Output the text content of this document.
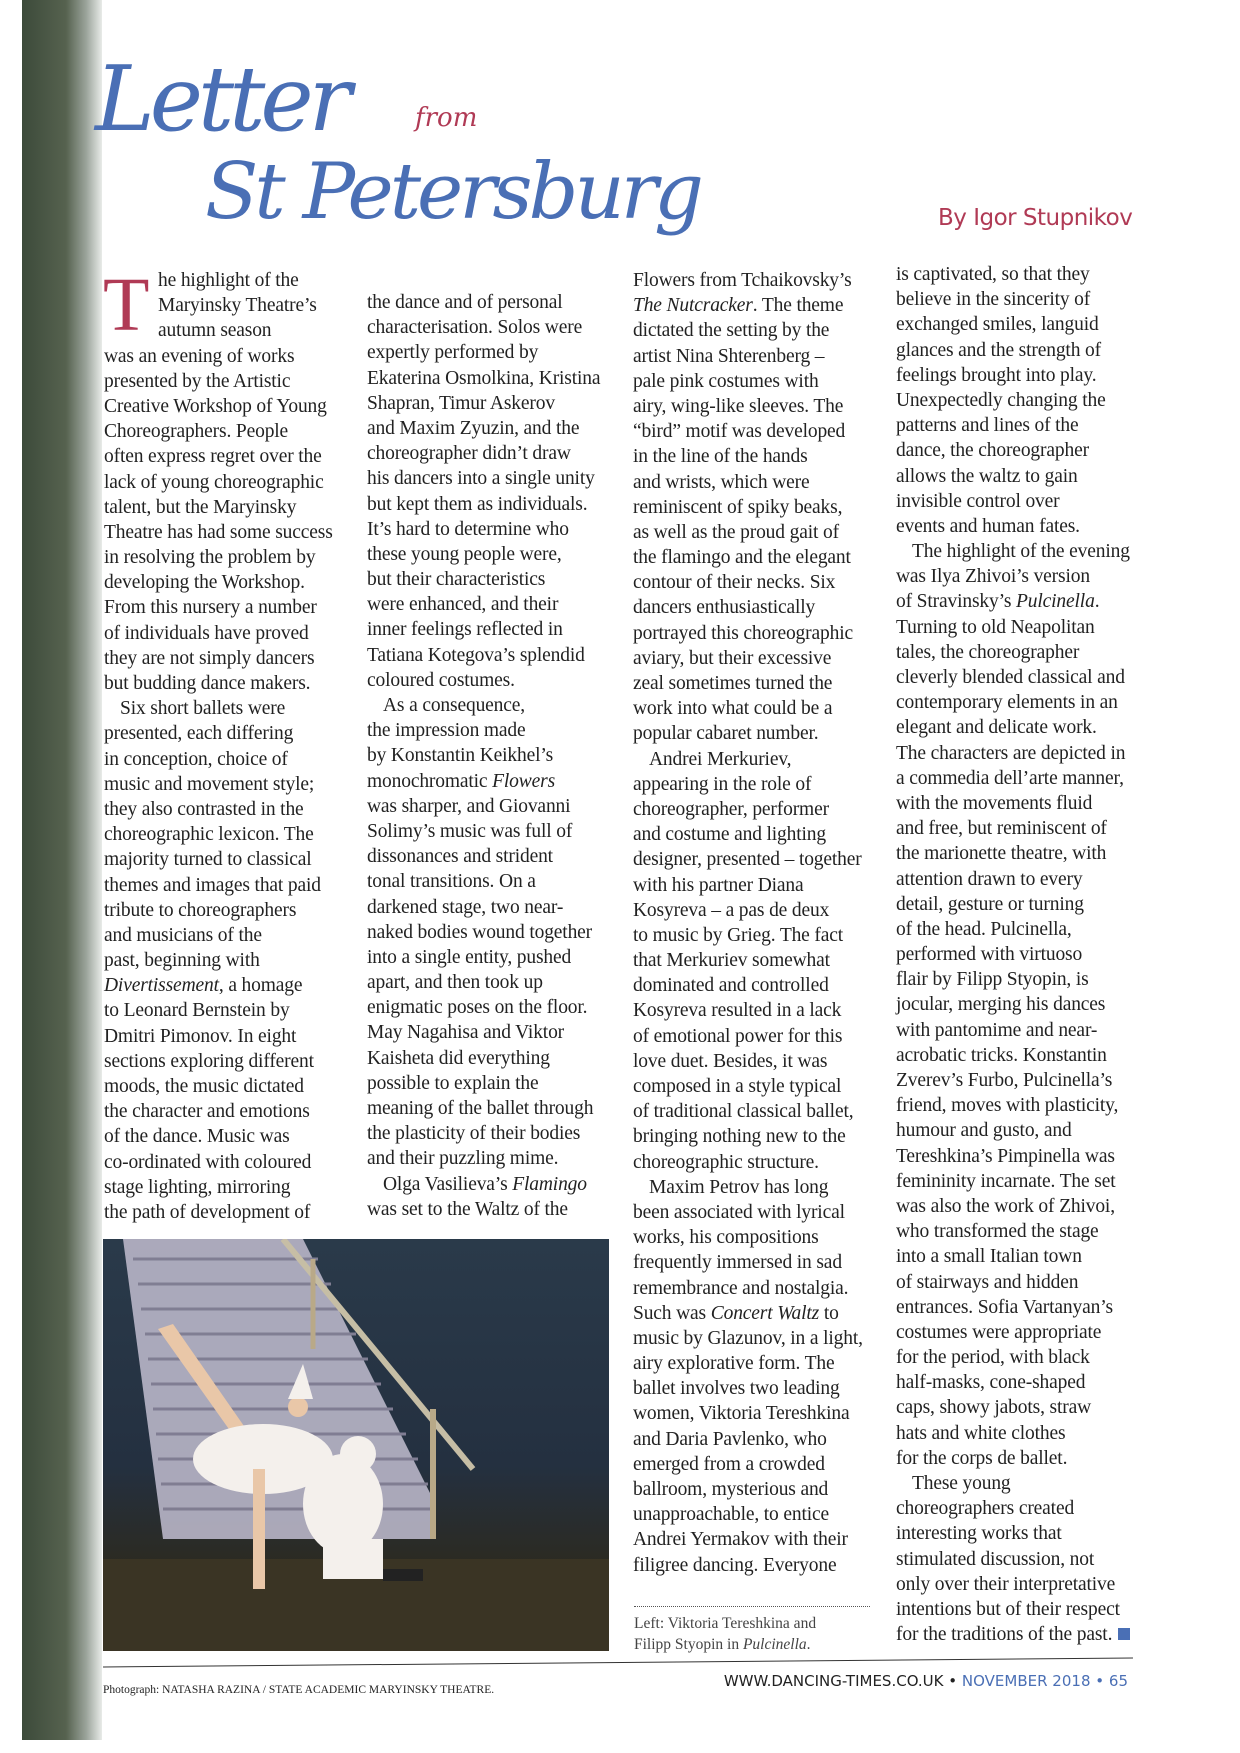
Letter	from
St Petersburg	By Igor Stupnikov
T he highlight of the
Maryinsky Theatre’s
autumn season
was an evening of works
presented by the Artistic
Creative Workshop of Young
Choreographers. People
often express regret over the
lack of young choreographic
talent, but the Maryinsky
Theatre has had some success
in resolving the problem by
developing the Workshop.
From this nursery a number
of individuals have proved
they are not simply dancers
but budding dance makers.
Six short ballets were
presented, each differing
in conception, choice of
music and movement style;
they also contrasted in the
choreographic lexicon. The
majority turned to classical
themes and images that paid
tribute to choreographers
and musicians of the
past, beginning with
Divertissement, a homage
to Leonard Bernstein by
Dmitri Pimonov. In eight
sections exploring different
moods, the music dictated
the character and emotions
of the dance. Music was
co-ordinated with coloured
stage lighting, mirroring
the path of development of
the dance and of personal
characterisation. Solos were
expertly performed by
Ekaterina Osmolkina, Kristina
Shapran, Timur Askerov
and Maxim Zyuzin, and the
choreographer didn’t draw
his dancers into a single unity
but kept them as individuals.
It’s hard to determine who
these young people were,
but their characteristics
were enhanced, and their
inner feelings reflected in
Tatiana Kotegova’s splendid
coloured costumes.
As a consequence,
the impression made
by Konstantin Keikhel’s
monochromatic Flowers
was sharper, and Giovanni
Solimy’s music was full of
dissonances and strident
tonal transitions. On a
darkened stage, two near-
naked bodies wound together
into a single entity, pushed
apart, and then took up
enigmatic poses on the floor.
May Nagahisa and Viktor
Kaisheta did everything
possible to explain the
meaning of the ballet through
the plasticity of their bodies
and their puzzling mime.
Olga Vasilieva’s Flamingo
was set to the Waltz of the
Flowers from Tchaikovsky’s
The Nutcracker. The theme
dictated the setting by the
artist Nina Shterenberg –
pale pink costumes with
airy, wing-like sleeves. The
“bird” motif was developed
in the line of the hands
and wrists, which were
reminiscent of spiky beaks,
as well as the proud gait of
the flamingo and the elegant
contour of their necks. Six
dancers enthusiastically
portrayed this choreographic
aviary, but their excessive
zeal sometimes turned the
work into what could be a
popular cabaret number.
Andrei Merkuriev,
appearing in the role of
choreographer, performer
and costume and lighting
designer, presented – together
with his partner Diana
Kosyreva – a pas de deux
to music by Grieg. The fact
that Merkuriev somewhat
dominated and controlled
Kosyreva resulted in a lack
of emotional power for this
love duet. Besides, it was
composed in a style typical
of traditional classical ballet,
bringing nothing new to the
choreographic structure.
Maxim Petrov has long
been associated with lyrical
works, his compositions
frequently immersed in sad
remembrance and nostalgia.
Such was Concert Waltz to
music by Glazunov, in a light,
airy explorative form. The
ballet involves two leading
women, Viktoria Tereshkina
and Daria Pavlenko, who
emerged from a crowded
ballroom, mysterious and
unapproachable, to entice
Andrei Yermakov with their
filigree dancing. Everyone
is captivated, so that they
believe in the sincerity of
exchanged smiles, languid
glances and the strength of
feelings brought into play.
Unexpectedly changing the
patterns and lines of the
dance, the choreographer
allows the waltz to gain
invisible control over
events and human fates.
The highlight of the evening
was Ilya Zhivoi’s version
of Stravinsky’s Pulcinella.
Turning to old Neapolitan
tales, the choreographer
cleverly blended classical and
contemporary elements in an
elegant and delicate work.
The characters are depicted in
a commedia dell’arte manner,
with the movements fluid
and free, but reminiscent of
the marionette theatre, with
attention drawn to every
detail, gesture or turning
of the head. Pulcinella,
performed with virtuoso
flair by Filipp Styopin, is
jocular, merging his dances
with pantomime and near-
acrobatic tricks. Konstantin
Zverev’s Furbo, Pulcinella’s
friend, moves with plasticity,
humour and gusto, and
Tereshkina’s Pimpinella was
femininity incarnate. The set
was also the work of Zhivoi,
who transformed the stage
into a small Italian town
of stairways and hidden
entrances. Sofia Vartanyan’s
costumes were appropriate
for the period, with black
half-masks, cone-shaped
caps, showy jabots, straw
hats and white clothes
for the corps de ballet.
These young
choreographers created
interesting works that
stimulated discussion, not
only over their interpretative
intentions but of their respect
for the traditions of the past.
Left: Viktoria Tereshkina and
Filipp Styopin in Pulcinella.
Photograph: NATASHA RAZINA / STATE ACADEMIC MARYINSKY THEATRE.	WWW.DANCING-TIMES.CO.UK • NOVEMBER 2018 • 65
